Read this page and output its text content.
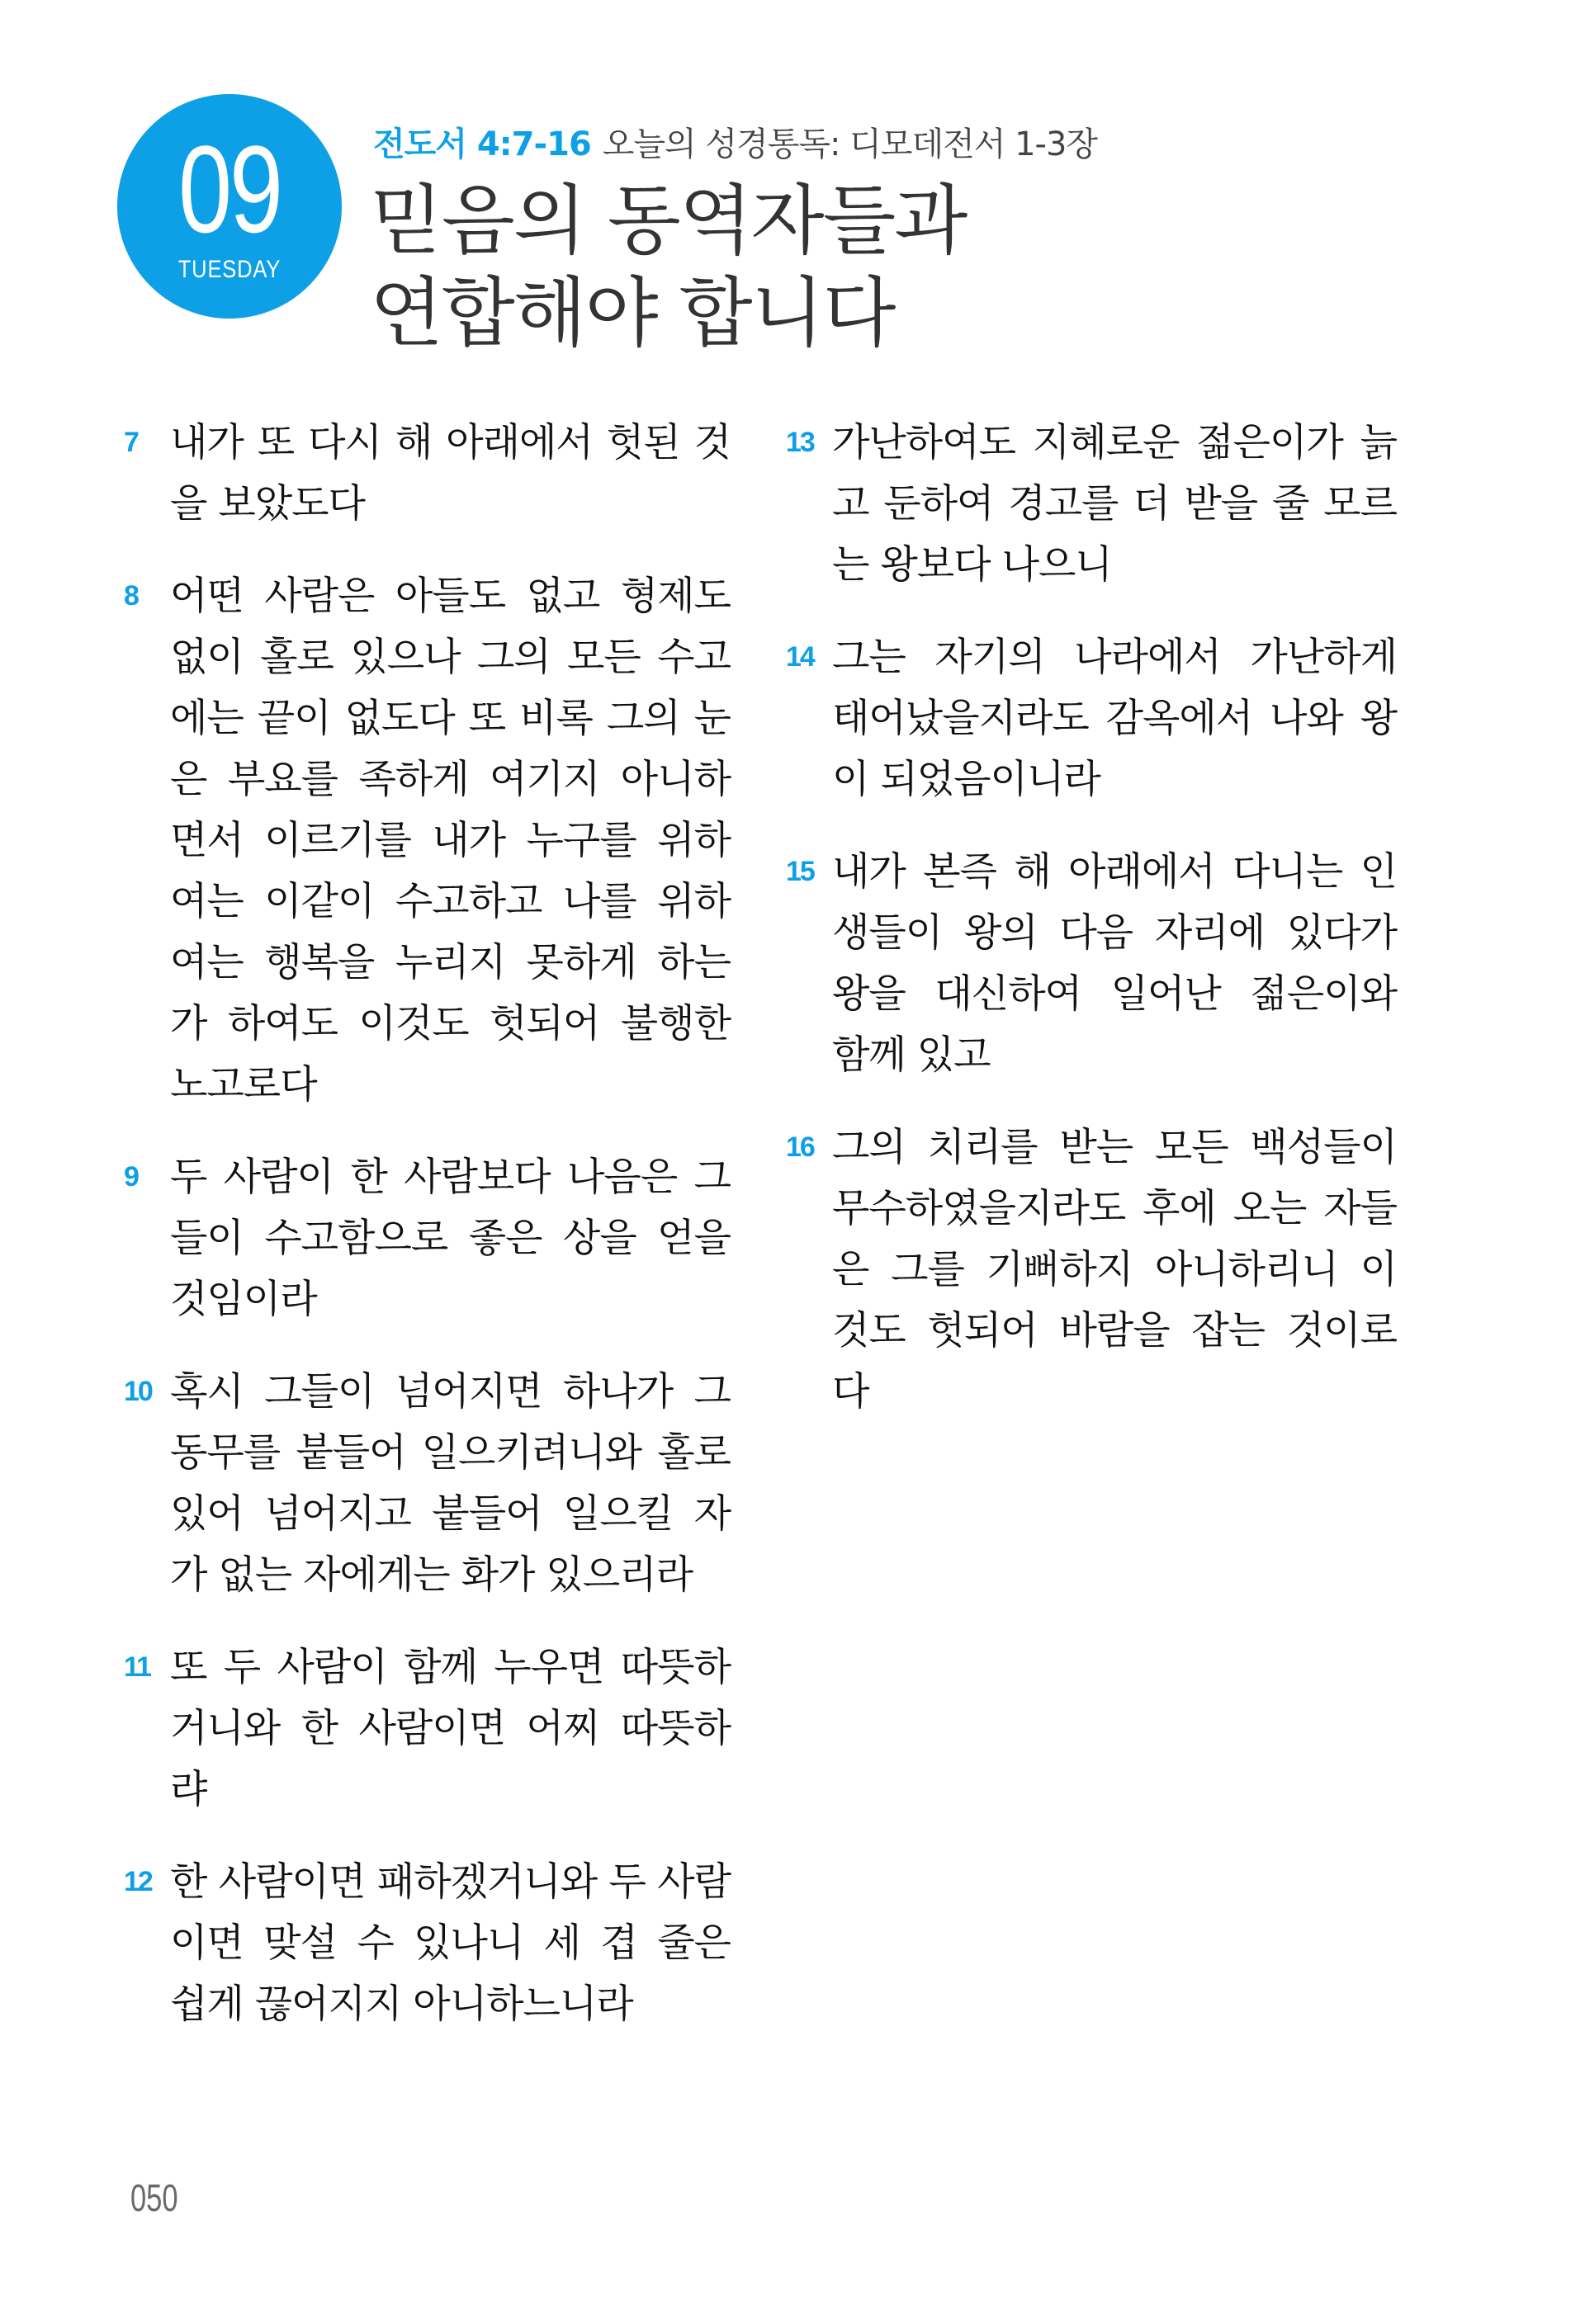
09
TUESDAY
전도서 4:7-16 오늘의 성경통독: 디모데전서 1-3장
믿음의 동역자들과
연합해야 합니다
7 내가 또 다시 해 아래에서 헛된 것
을 보았도다
8 어떤 사람은 아들도 없고 형제도
없이 홀로 있으나 그의 모든 수고
에는 끝이 없도다 또 비록 그의 눈
은 부요를 족하게 여기지 아니하
면서 이르기를 내가 누구를 위하
여는 이같이 수고하고 나를 위하
여는 행복을 누리지 못하게 하는
가 하여도 이것도 헛되어 불행한
노고로다
9 두 사람이 한 사람보다 나음은 그
들이 수고함으로 좋은 상을 얻을
것임이라
10 혹시 그들이 넘어지면 하나가 그
동무를 붙들어 일으키려니와 홀로
있어 넘어지고 붙들어 일으킬 자
가 없는 자에게는 화가 있으리라
11 또 두 사람이 함께 누우면 따뜻하
거니와 한 사람이면 어찌 따뜻하
랴
12 한 사람이면 패하겠거니와 두 사람
이면 맞설 수 있나니 세 겹 줄은
쉽게 끊어지지 아니하느니라
13 가난하여도 지혜로운 젊은이가 늙
고 둔하여 경고를 더 받을 줄 모르
는 왕보다 나으니
14 그는 자기의 나라에서 가난하게
태어났을지라도 감옥에서 나와 왕
이 되었음이니라
15 내가 본즉 해 아래에서 다니는 인
생들이 왕의 다음 자리에 있다가
왕을 대신하여 일어난 젊은이와
함께 있고
16 그의 치리를 받는 모든 백성들이
무수하였을지라도 후에 오는 자들
은 그를 기뻐하지 아니하리니 이
것도 헛되어 바람을 잡는 것이로
다
050
